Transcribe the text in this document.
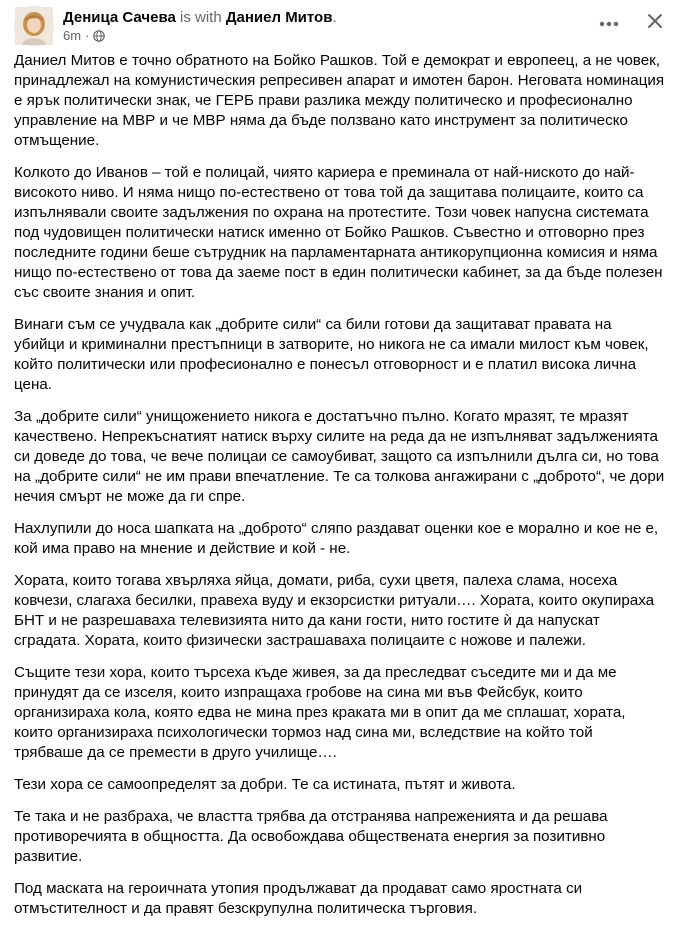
Деница Сачева is with Даниел Митов.
6m ·

Даниел Митов е точно обратното на Бойко Рашков. Той е демократ и европеец, а не човек, принадлежал на комунистическия репресивен апарат и имотен барон. Неговата номинация е ярък политически знак, че ГЕРБ прави разлика между политическо и професионално управление на МВР и че МВР няма да бъде ползвано като инструмент за политическо отмъщение.

Колкото до Иванов – той е полицай, чиято кариера е преминала от най-ниското до най-високото ниво. И няма нищо по-естествено от това той да защитава полицаите, които са изпълнявали своите задължения по охрана на протестите. Този човек напусна системата под чудовищен политически натиск именно от Бойко Рашков. Съвестно и отговорно през последните години беше сътрудник на парламентарната антикорупционна комисия и няма нищо по-естествено от това да заеме пост в един политически кабинет, за да бъде полезен със своите знания и опит.

Винаги съм се учудвала как „добрите сили“ са били готови да защитават правата на убийци и криминални престъпници в затворите, но никога не са имали милост към човек, който политически или професионално е понесъл отговорност и е платил висока лична цена.

За „добрите сили“ унищожението никога е достатъчно пълно. Когато мразят, те мразят качествено. Непрекъснатият натиск върху силите на реда да не изпълняват задълженията си доведе до това, че вече полицаи се самоубиват, защото са изпълнили дълга си, но това на „добрите сили“ не им прави впечатление. Те са толкова ангажирани с „доброто“, че дори нечия смърт не може да ги спре.

Нахлупили до носа шапката на „доброто“ сляпо раздават оценки кое е морално и кое не е, кой има право на мнение и действие и кой - не.

Хората, които тогава хвърляха яйца, домати, риба, сухи цветя, палеха слама, носеха ковчези, слагаха бесилки, правеха вуду и екзорсистки ритуали…. Хората, които окупираха БНТ и не разрешаваха телевизията нито да кани гости, нито гостите ѝ да напускат сградата. Хората, които физически застрашаваха полицаите с ножове и палежи.

Същите тези хора, които търсеха къде живея, за да преследват съседите ми и да ме принудят да се изселя, които изпращаха гробове на сина ми във Фейсбук, които организираха кола, която едва не мина през краката ми в опит да ме сплашат, хората, които организираха психологически тормоз над сина ми, вследствие на който той трябваше да се премести в друго училище….

Тези хора се самоопределят за добри. Те са истината, пътят и живота.

Те така и не разбраха, че властта трябва да отстранява напреженията и да решава противоречията в общността. Да освобождава обществената енергия за позитивно развитие.

Под маската на героичната утопия продължават да продават само яростната си отмъстителност и да правят безскрупулна политическа търговия.
